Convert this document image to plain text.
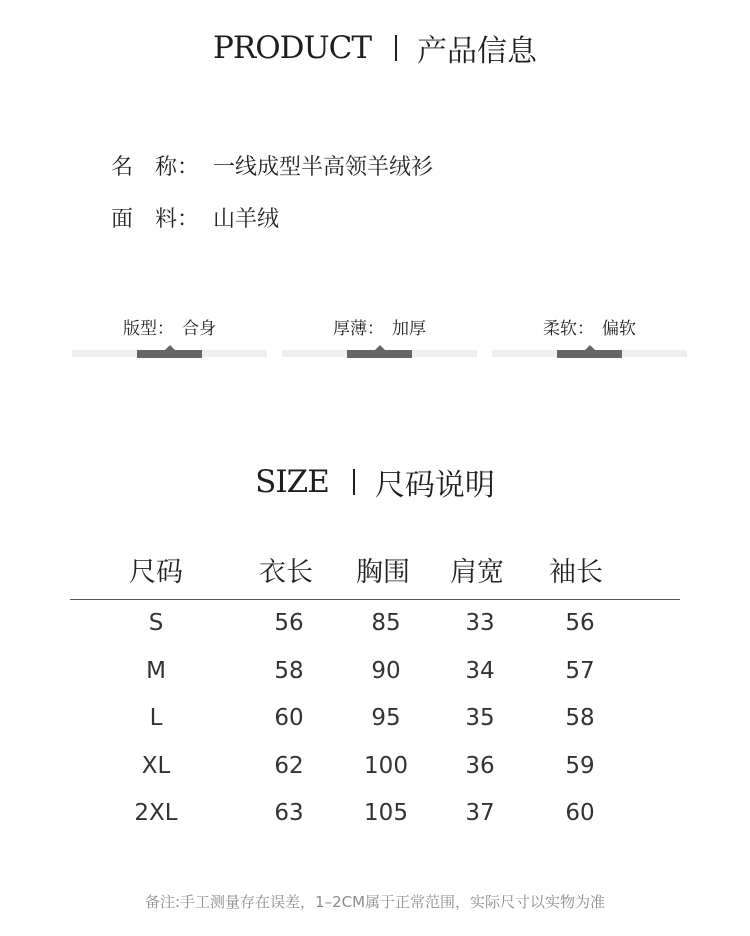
PRODUCT 产品信息
名　称： 一线成型半高领羊绒衫
面　料： 山羊绒
版型： 合身	厚薄： 加厚	柔软： 偏软
SIZE 尺码说明
尺码	衣长	胸围	肩宽	袖长
S	56	85	33	56
M	58	90	34	57
L	60	95	35	58
XL	62	100	36	59
2XL	63	105	37	60
备注:手工测量存在误差，1–2CM属于正常范围，实际尺寸以实物为准
